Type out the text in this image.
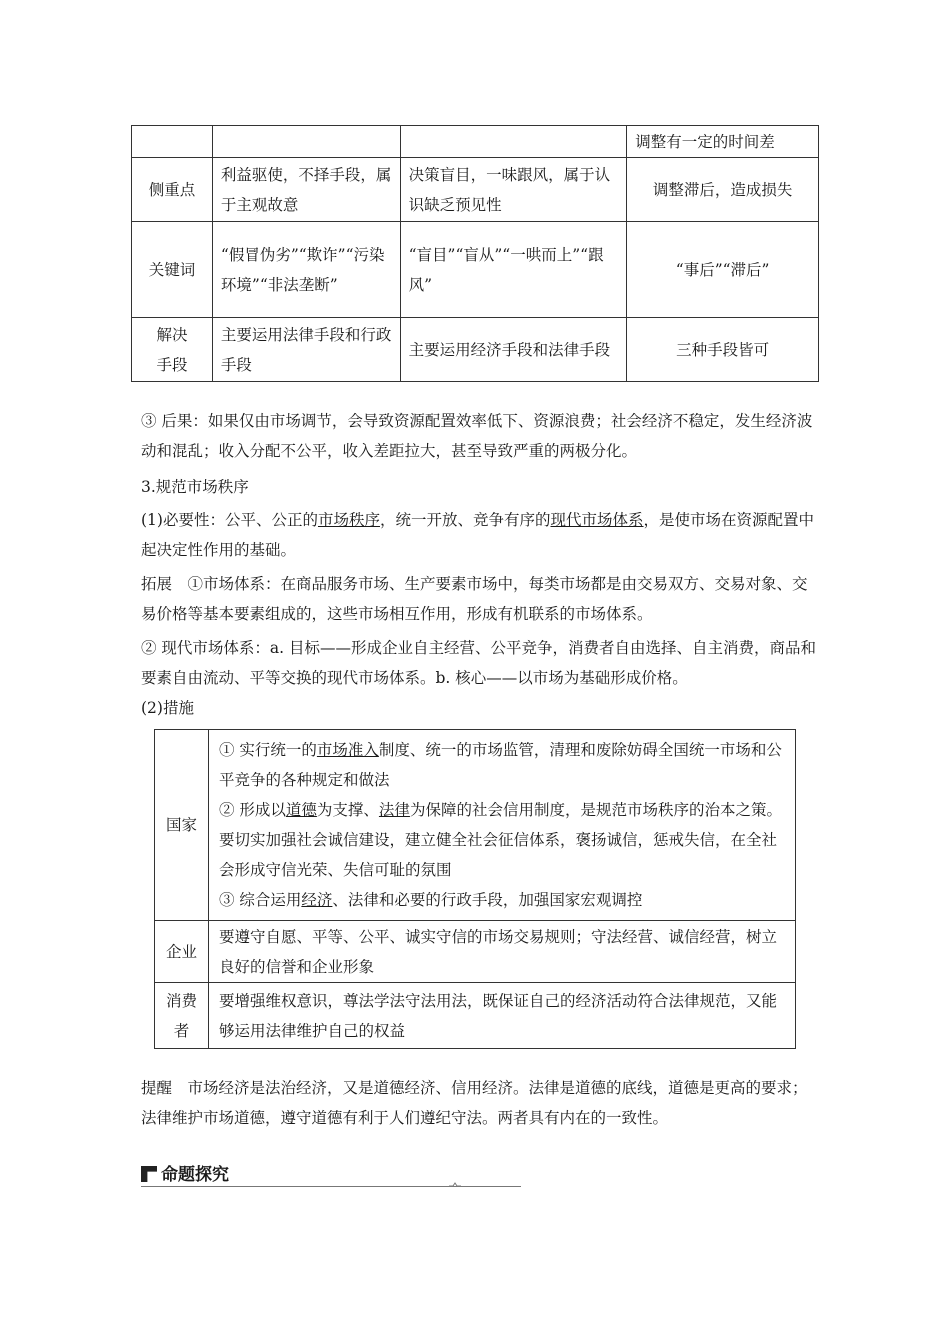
			调整有一定的时间差
侧重点	利益驱使，不择手段，属于主观故意	决策盲目，一味跟风，属于认识缺乏预见性	调整滞后，造成损失
关键词	“假冒伪劣”“欺诈”“污染环境”“非法垄断”	“盲目”“盲从”“一哄而上”“跟风”	“事后”“滞后”
解决
手段	主要运用法律手段和行政手段	主要运用经济手段和法律手段	三种手段皆可

③ 后果：如果仅由市场调节，会导致资源配置效率低下、资源浪费；社会经济不稳定，发生经济波动和混乱；收入分配不公平，收入差距拉大，甚至导致严重的两极分化。

3.规范市场秩序

(1)必要性：公平、公正的市场秩序，统一开放、竞争有序的现代市场体系，是使市场在资源配置中起决定性作用的基础。

拓展　①市场体系：在商品服务市场、生产要素市场中，每类市场都是由交易双方、交易对象、交易价格等基本要素组成的，这些市场相互作用，形成有机联系的市场体系。

② 现代市场体系：a. 目标——形成企业自主经营、公平竞争，消费者自由选择、自主消费，商品和要素自由流动、平等交换的现代市场体系。b. 核心——以市场为基础形成价格。

(2)措施

国家	① 实行统一的市场准入制度、统一的市场监管，清理和废除妨碍全国统一市场和公平竞争的各种规定和做法
② 形成以道德为支撑、法律为保障的社会信用制度，是规范市场秩序的治本之策。要切实加强社会诚信建设，建立健全社会征信体系，褒扬诚信，惩戒失信，在全社会形成守信光荣、失信可耻的氛围
③ 综合运用经济、法律和必要的行政手段，加强国家宏观调控

企业	要遵守自愿、平等、公平、诚实守信的市场交易规则；守法经营、诚信经营，树立良好的信誉和企业形象
消费
者	要增强维权意识，尊法学法守法用法，既保证自己的经济活动符合法律规范，又能够运用法律维护自己的权益

提醒　市场经济是法治经济，又是道德经济、信用经济。法律是道德的底线，道德是更高的要求；法律维护市场道德，遵守道德有利于人们遵纪守法。两者具有内在的一致性。

命题探究
